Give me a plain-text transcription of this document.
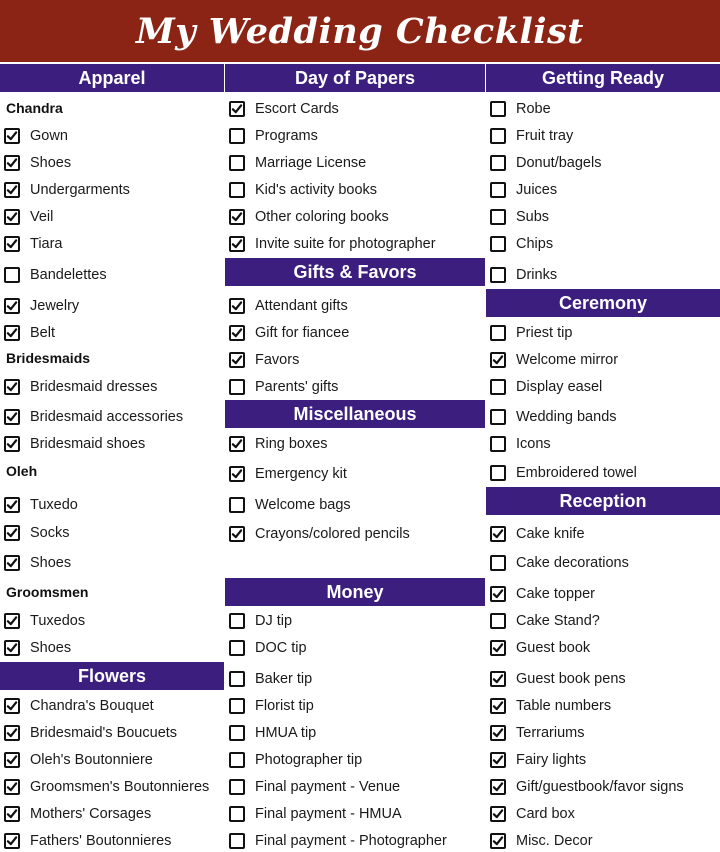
My Wedding Checklist
Apparel
Chandra
Gown
Shoes
Undergarments
Veil
Tiara
Bandelettes
Jewelry
Belt
Bridesmaids
Bridesmaid dresses
Bridesmaid accessories
Bridesmaid shoes
Oleh
Tuxedo
Socks
Shoes
Groomsmen
Tuxedos
Shoes
Flowers
Chandra's Bouquet
Bridesmaid's Boucuets
Oleh's Boutonniere
Groomsmen's Boutonnieres
Mothers' Corsages
Fathers' Boutonnieres
Day of Papers
Escort Cards
Programs
Marriage License
Kid's activity books
Other coloring books
Invite suite for photographer
Gifts & Favors
Attendant gifts
Gift for fiancee
Favors
Parents' gifts
Miscellaneous
Ring boxes
Emergency kit
Welcome bags
Crayons/colored pencils
Money
DJ tip
DOC tip
Baker tip
Florist tip
HMUA tip
Photographer tip
Final payment - Venue
Final payment - HMUA
Final payment - Photographer
Getting Ready
Robe
Fruit tray
Donut/bagels
Juices
Subs
Chips
Drinks
Ceremony
Priest tip
Welcome mirror
Display easel
Wedding bands
Icons
Embroidered towel
Reception
Cake knife
Cake decorations
Cake topper
Cake Stand?
Guest book
Guest book pens
Table numbers
Terrariums
Fairy lights
Gift/guestbook/favor signs
Card box
Misc. Decor
